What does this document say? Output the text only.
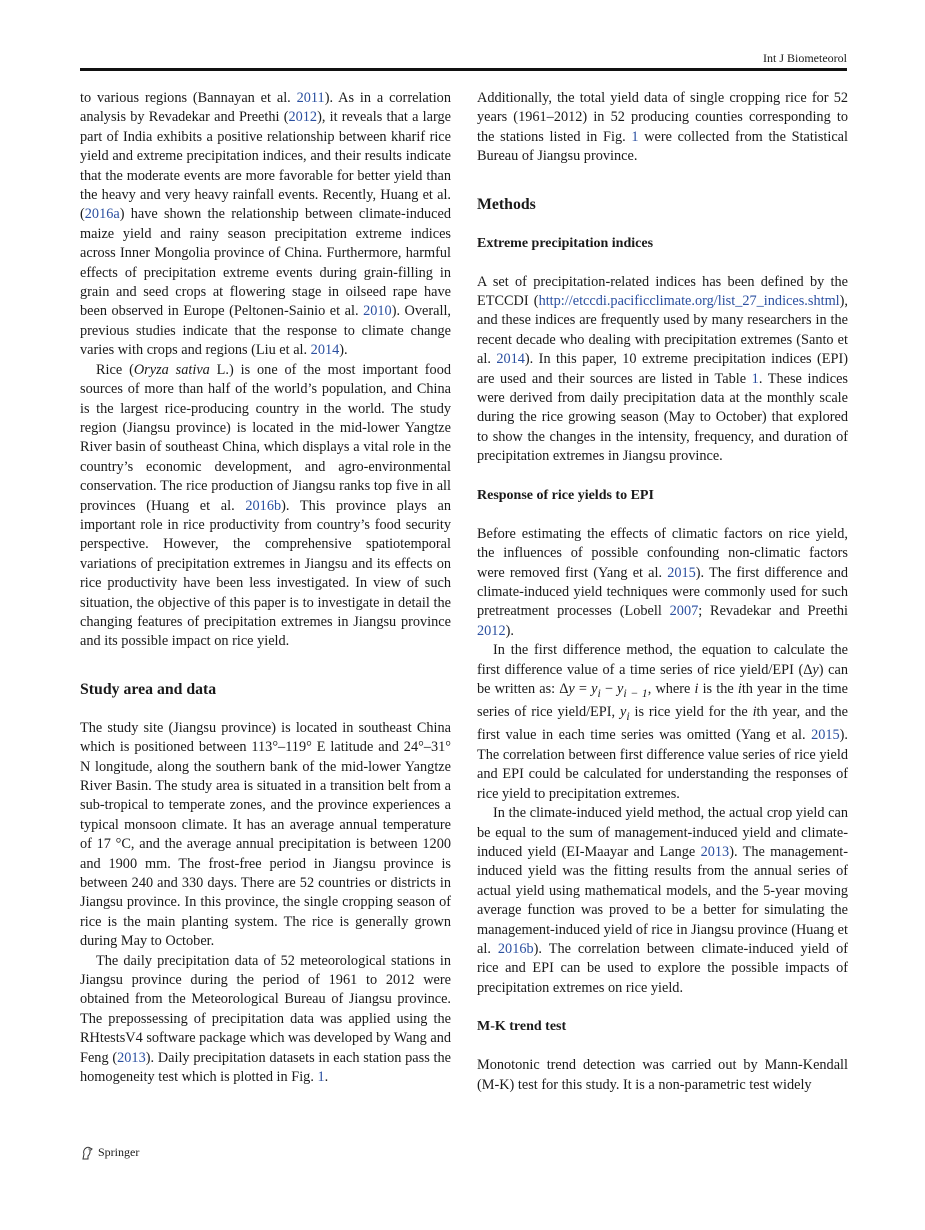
Int J Biometeorol

to various regions (Bannayan et al. 2011). As in a correlation analysis by Revadekar and Preethi (2012), it reveals that a large part of India exhibits a positive relationship between kharif rice yield and extreme precipitation indices, and their results indicate that the moderate events are more favorable for better yield than the heavy and very heavy rainfall events. Recently, Huang et al. (2016a) have shown the relationship between climate-induced maize yield and rainy season precipitation extreme indices across Inner Mongolia province of China. Furthermore, harmful effects of precipitation extreme events during grain-filling in grain and seed crops at flowering stage in oilseed rape have been observed in Europe (Peltonen-Sainio et al. 2010). Overall, previous studies indicate that the response to climate change varies with crops and regions (Liu et al. 2014).

Rice (Oryza sativa L.) is one of the most important food sources of more than half of the world’s population, and China is the largest rice-producing country in the world. The study region (Jiangsu province) is located in the mid-lower Yangtze River basin of southeast China, which displays a vital role in the country’s economic development, and agro-environmental conservation. The rice production of Jiangsu ranks top five in all provinces (Huang et al. 2016b). This province plays an important role in rice productivity from country’s food security perspective. However, the comprehensive spatiotemporal variations of precipitation extremes in Jiangsu and its effects on rice productivity have been less investigated. In view of such situation, the objective of this paper is to investigate in detail the changing features of precipitation extremes in Jiangsu province and its possible impact on rice yield.

Study area and data

The study site (Jiangsu province) is located in southeast China which is positioned between 113°–119° E latitude and 24°–31° N longitude, along the southern bank of the mid-lower Yangtze River Basin. The study area is situated in a transition belt from a sub-tropical to temperate zones, and the province experiences a typical monsoon climate. It has an average annual temperature of 17 °C, and the average annual precipitation is between 1200 and 1900 mm. The frost-free period in Jiangsu province is between 240 and 330 days. There are 52 countries or districts in Jiangsu province. In this province, the single cropping season of rice is the main planting system. The rice is generally grown during May to October.

The daily precipitation data of 52 meteorological stations in Jiangsu province during the period of 1961 to 2012 were obtained from the Meteorological Bureau of Jiangsu province. The prepossessing of precipitation data was applied using the RHtestsV4 software package which was developed by Wang and Feng (2013). Daily precipitation datasets in each station pass the homogeneity test which is plotted in Fig. 1.

Additionally, the total yield data of single cropping rice for 52 years (1961–2012) in 52 producing counties corresponding to the stations listed in Fig. 1 were collected from the Statistical Bureau of Jiangsu province.

Methods
Extreme precipitation indices

A set of precipitation-related indices has been defined by the ETCCDI (http://etccdi.pacificclimate.org/list_27_indices.shtml), and these indices are frequently used by many researchers in the recent decade who dealing with precipitation extremes (Santo et al. 2014). In this paper, 10 extreme precipitation indices (EPI) are used and their sources are listed in Table 1. These indices were derived from daily precipitation data at the monthly scale during the rice growing season (May to October) that explored to show the changes in the intensity, frequency, and duration of precipitation extremes in Jiangsu province.

Response of rice yields to EPI

Before estimating the effects of climatic factors on rice yield, the influences of possible confounding non-climatic factors were removed first (Yang et al. 2015). The first difference and climate-induced yield techniques were commonly used for such pretreatment processes (Lobell 2007; Revadekar and Preethi 2012).

In the first difference method, the equation to calculate the first difference value of a time series of rice yield/EPI (Δy) can be written as: $\Delta y = y_i - y_{i - 1}$, where i is the ith year in the time series of rice yield/EPI, $y_i$ is rice yield for the ith year, and the first value in each time series was omitted (Yang et al. 2015). The correlation between first difference value series of rice yield and EPI could be calculated for understanding the responses of rice yield to precipitation extremes.

In the climate-induced yield method, the actual crop yield can be equal to the sum of management-induced yield and climate-induced yield (EI-Maayar and Lange 2013). The management-induced yield was the fitting results from the annual series of actual yield using mathematical models, and the 5-year moving average function was proved to be a better for simulating the management-induced yield of rice in Jiangsu province (Huang et al. 2016b). The correlation between climate-induced yield of rice and EPI can be used to explore the possible impacts of precipitation extremes on rice yield.

M-K trend test

Monotonic trend detection was carried out by Mann-Kendall (M-K) test for this study. It is a non-parametric test widely

Springer
